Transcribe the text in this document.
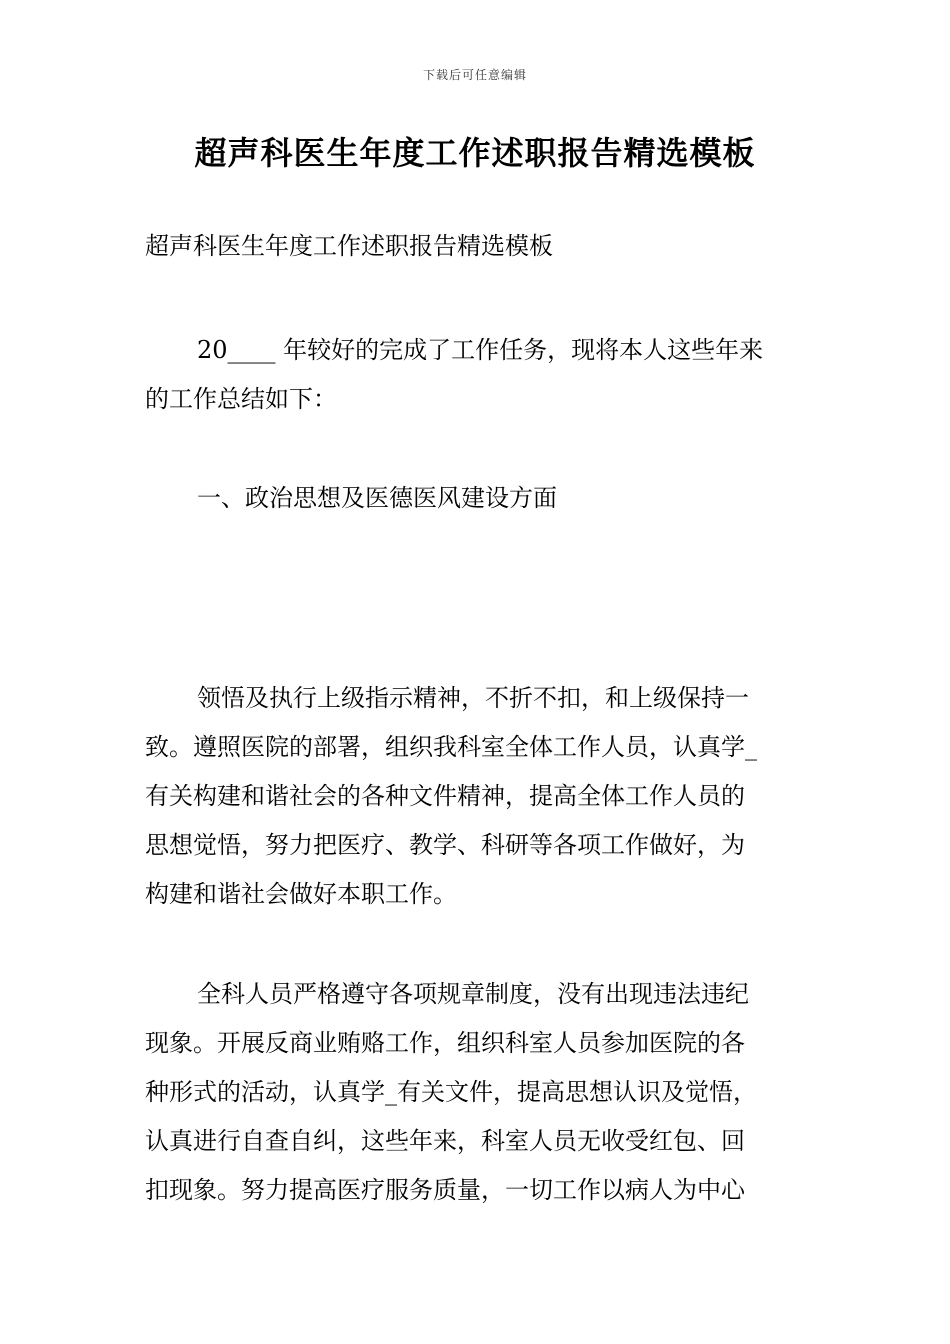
下载后可任意编辑
超声科医生年度工作述职报告精选模板

超声科医生年度工作述职报告精选模板

20____ 年较好的完成了工作任务，现将本人这些年来
的工作总结如下：

一、政治思想及医德医风建设方面

领悟及执行上级指示精神，不折不扣，和上级保持一
致。遵照医院的部署，组织我科室全体工作人员，认真学_
有关构建和谐社会的各种文件精神，提高全体工作人员的
思想觉悟，努力把医疗、教学、科研等各项工作做好，为
构建和谐社会做好本职工作。

全科人员严格遵守各项规章制度，没有出现违法违纪
现象。开展反商业贿赂工作，组织科室人员参加医院的各
种形式的活动，认真学_有关文件，提高思想认识及觉悟，
认真进行自查自纠，这些年来，科室人员无收受红包、回
扣现象。努力提高医疗服务质量，一切工作以病人为中心
